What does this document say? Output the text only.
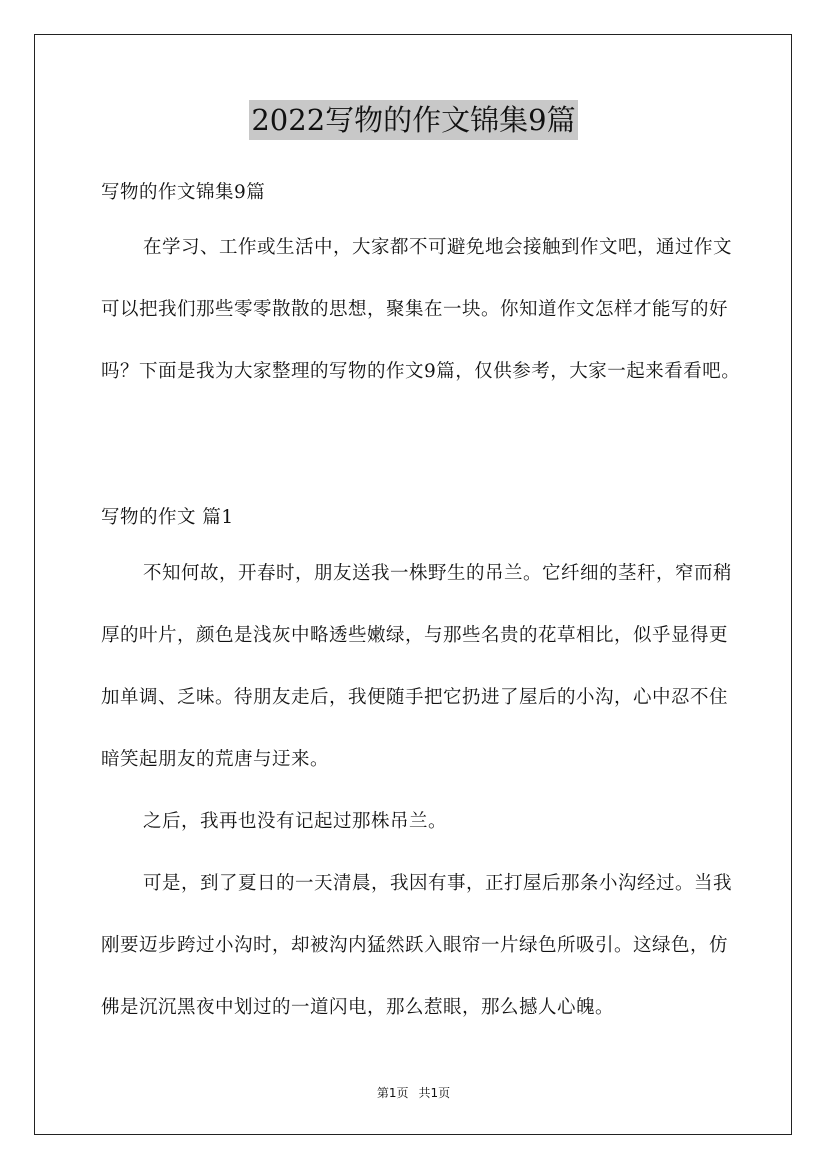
2022写物的作文锦集9篇
写物的作文锦集9篇

在学习、工作或生活中，大家都不可避免地会接触到作文吧，通过作文可以把我们那些零零散散的思想，聚集在一块。你知道作文怎样才能写的好吗？下面是我为大家整理的写物的作文9篇，仅供参考，大家一起来看看吧。

写物的作文 篇1

不知何故，开春时，朋友送我一株野生的吊兰。它纤细的茎秆，窄而稍厚的叶片，颜色是浅灰中略透些嫩绿，与那些名贵的花草相比，似乎显得更加单调、乏味。待朋友走后，我便随手把它扔进了屋后的小沟，心中忍不住暗笑起朋友的荒唐与迂来。

之后，我再也没有记起过那株吊兰。

可是，到了夏日的一天清晨，我因有事，正打屋后那条小沟经过。当我刚要迈步跨过小沟时，却被沟内猛然跃入眼帘一片绿色所吸引。这绿色，仿佛是沉沉黑夜中划过的一道闪电，那么惹眼，那么撼人心魄。

第1页 共1页
